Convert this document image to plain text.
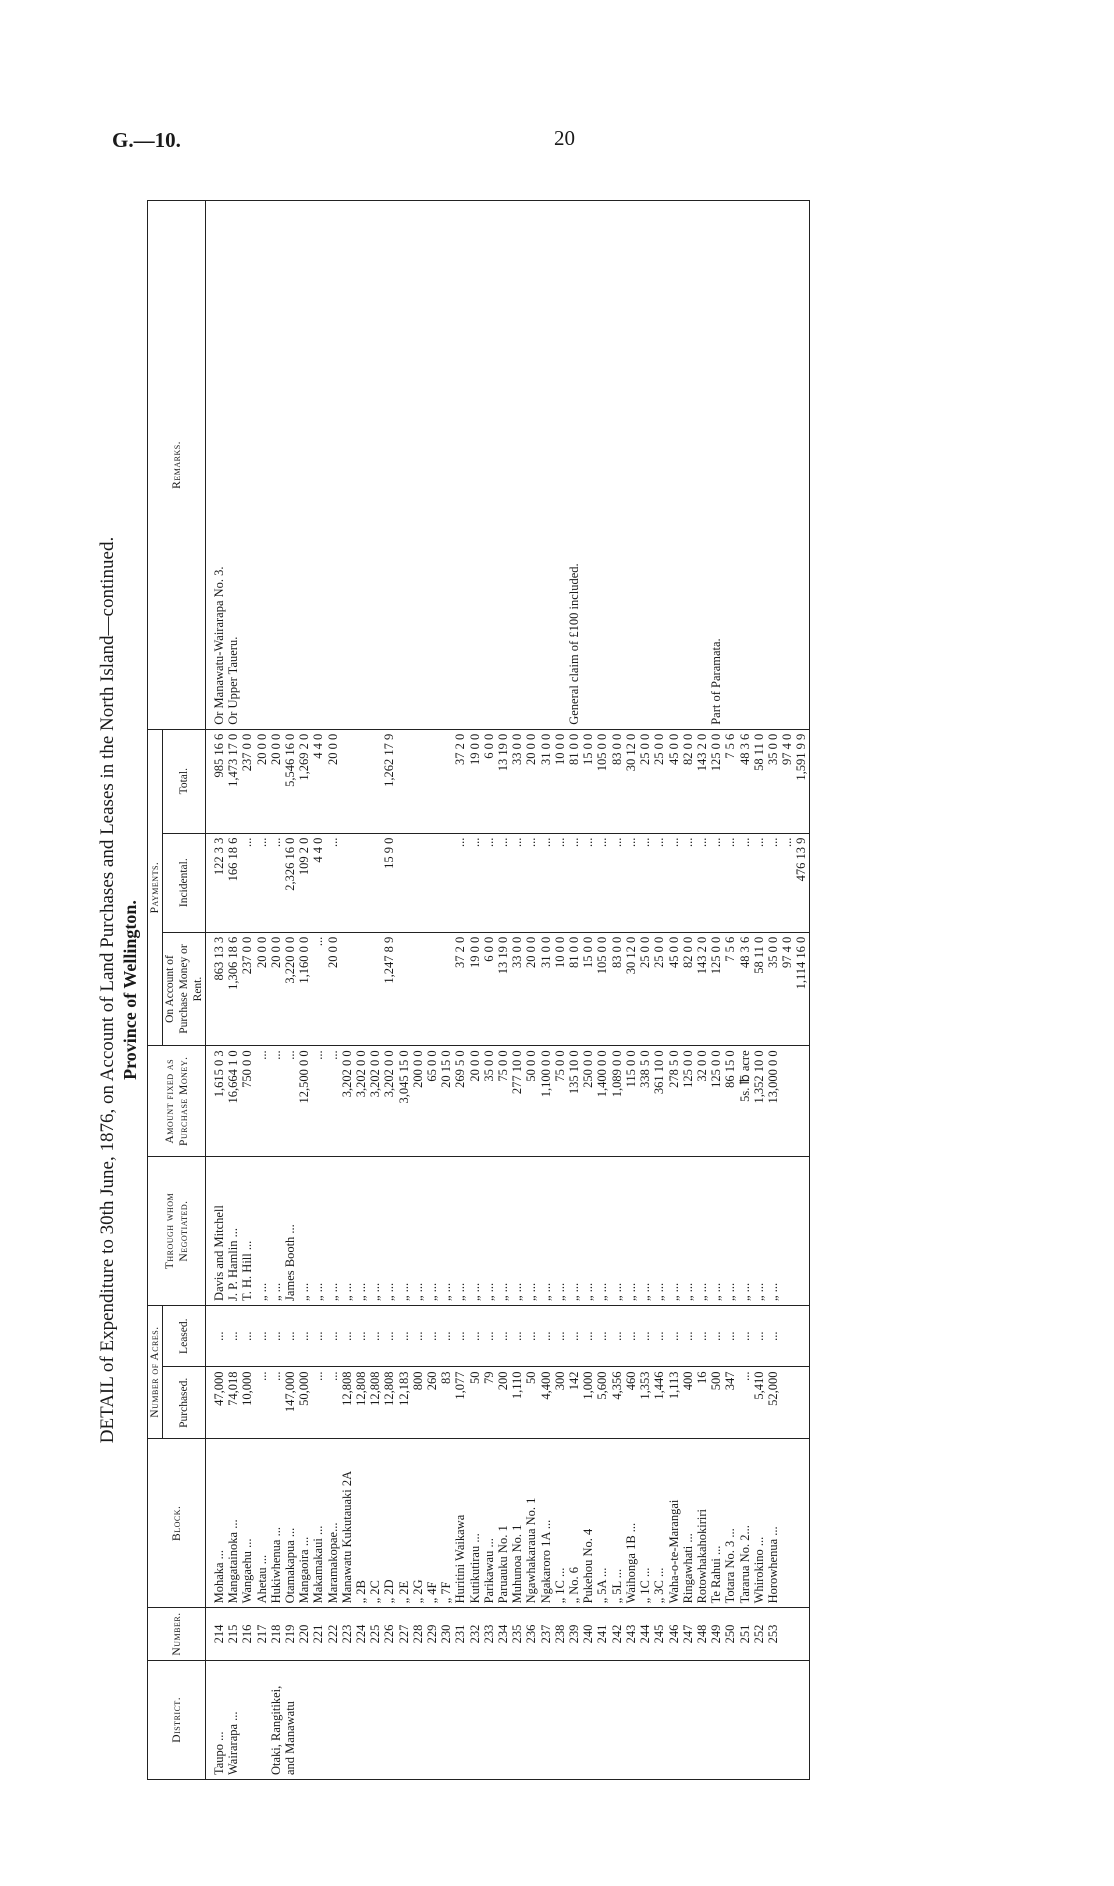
G.—10.	20
DETAIL of Expenditure to 30th June, 1876, on Account of Land Purchases and Leases in the North Island—continued. Province of Wellington.
District.	Number.	Block.	Number of Acres.		Through whom Negotiated.	Amount fixed as Purchase Money.	Payments.			Remarks.
			Purchased.	Leased.			On Account of Purchase Money or Rent.	Incidental.	Total.	
Taupo ...	214	Mohaka ...	47,000	...	Davis and Mitchell	1,615 0 3	863 13 3	122 3 3	985 16 6	Or Manawatu-Wairarapa No. 3.
Wairarapa ...	215	Mangatainoka ...	74,018	...	J. P. Hamlin ...	16,664 1 0	1,306 18 6	166 18 6	1,473 17 0	Or Upper Taueru.
	216	Wangaehu ...	10,000	...	T. H. Hill ...	750 0 0	237 0 0	...	237 0 0	
	217	Ahetau ...	...	...	„ ...	...	20 0 0	...	20 0 0	
Otaki, Rangitikei,	218	Hukiwhenua ...	...	...	„ ...	...	20 0 0	...	20 0 0	
and Manawatu	219	Otamakapua ...	147,000	...	James Booth ...	...	3,220 0 0	2,326 16 0	5,546 16 0	
	220	Mangaoira ...	50,000	...	„ ...	12,500 0 0	1,160 0 0	109 2 0	1,269 2 0	
	221	Makamakaui ...	...	...	„ ...	...	...	4 4 0	4 4 0	
	222	Maramakopae...	...	...	„ ...	...	20 0 0	...	20 0 0	
	223	Manawatu Kukutauaki 2A	12,808	...	„ ...	3,202 0 0				
	224	„ 2B	12,808	...	„ ...	3,202 0 0				
	225	„ 2C	12,808	...	„ ...	3,202 0 0				
	226	„ 2D	12,808	...	„ ...	3,202 0 0	1,247 8 9	15 9 0	1,262 17 9	
	227	„ 2E	12,183	...	„ ...	3,045 15 0				
	228	„ 2G	800	...	„ ...	200 0 0				
	229	„ 4F	260	...	„ ...	65 0 0				
	230	„ 7F	83	...	„ ...	20 15 0				
	231	Huritini Waikawa	1,077	...	„ ...	269 5 0	37 2 0	...	37 2 0	
	232	Kutikutirau ...	50	...	„ ...	20 0 0	19 0 0	...	19 0 0	
	233	Parikawau ...	79	...	„ ...	35 0 0	6 0 0	...	6 0 0	
	234	Paruauku No. 1	200	...	„ ...	75 0 0	13 19 0	...	13 19 0	
	235	Muhunoa No. 1	1,110	...	„ ...	277 10 0	33 0 0	...	33 0 0	
	236	Ngawhakaraua No. 1	50	...	„ ...	50 0 0	20 0 0	...	20 0 0	
	237	Ngakaroro 1A ...	4,400	...	„ ...	1,100 0 0	31 0 0	...	31 0 0	
	238	„ 1C ...	300	...	„ ...	75 0 0	10 0 0	...	10 0 0	
	239	„ No. 6	142	...	„ ...	135 10 0	81 0 0	...	81 0 0	General claim of £100 included.
	240	Pukehou No. 4	1,000	...	„ ...	250 0 0	15 0 0	...	15 0 0	
	241	„ 5A ...	5,600	...	„ ...	1,400 0 0	105 0 0	...	105 0 0	
	242	„ 5L ...	4,356	...	„ ...	1,089 0 0	83 0 0	...	83 0 0	
	243	Waihonga 1B ...	460	...	„ ...	115 0 0	30 12 0	...	30 12 0	
	244	„ 1C ...	1,353	...	„ ...	338 5 0	25 0 0	...	25 0 0	
	245	„ 3C ...	1,446	...	„ ...	361 10 0	25 0 0	...	25 0 0	
	246	Waha-o-te-Marangai	1,113	...	„ ...	278 5 0	45 0 0	...	45 0 0	
	247	Ringawhati ...	400	...	„ ...	125 0 0	82 0 0	...	82 0 0	
	248	Rotowhakahokiriri	16	...	„ ...	32 0 0	143 2 0	...	143 2 0	
	249	Te Rahui ...	500	...	„ ...	125 0 0	125 0 0	...	125 0 0	Part of Paramata.
	250	Totara No. 3 ...	347	...	„ ...	86 15 0	7 5 6	...	7 5 6	
	251	Tararua No. 2...	...	...	„ ...	5s. ℔ acre	48 3 6	...	48 3 6	
	252	Whirokino ...	5,410	...	„ ...	1,352 10 0	58 11 0	...	58 11 0	
	253	Horowhenua ...	52,000	...	„ ...	13,000 0 0	35 0 0	...	35 0 0	
							97 4 0	...	97 4 0	
							1,114 16 0	476 13 9	1,591 9 9	
